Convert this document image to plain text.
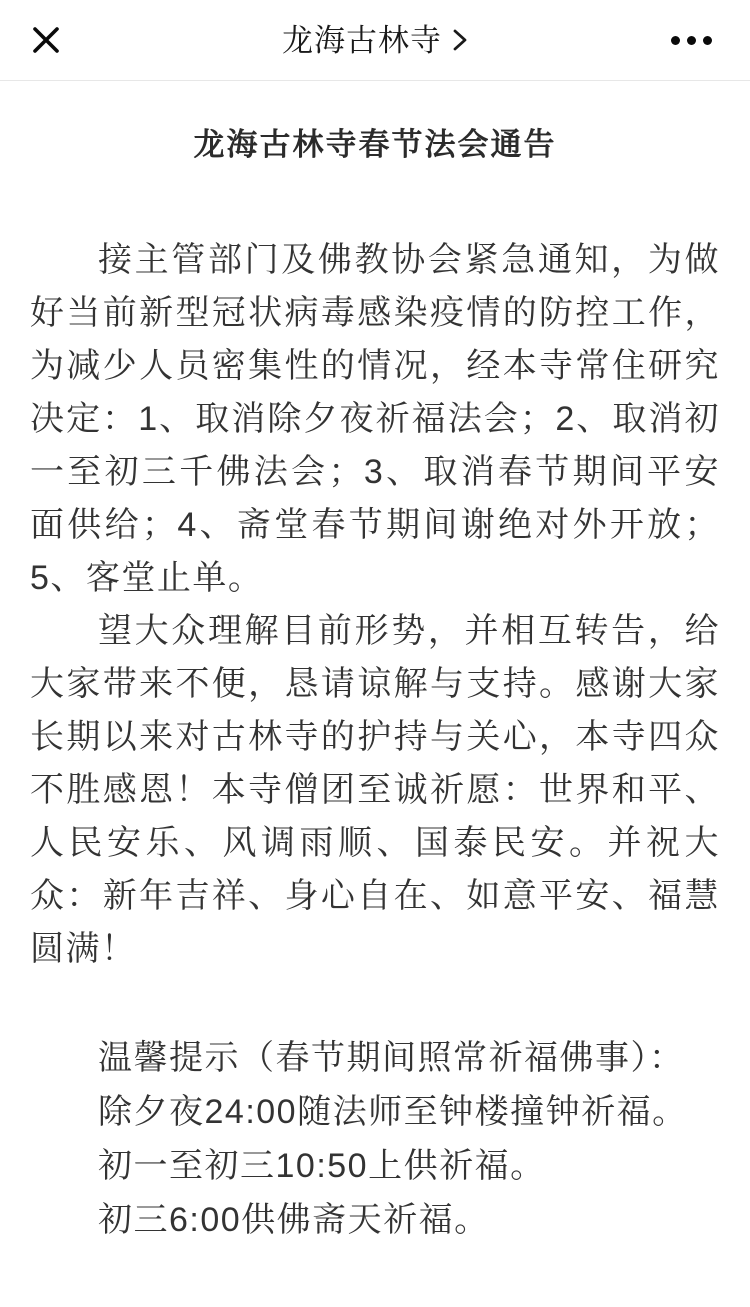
龙海古林寺
龙海古林寺春节法会通告

接主管部门及佛教协会紧急通知，为做好当前新型冠状病毒感染疫情的防控工作，为减少人员密集性的情况，经本寺常住研究决定：1、取消除夕夜祈福法会；2、取消初一至初三千佛法会；3、取消春节期间平安面供给；4、斋堂春节期间谢绝对外开放；5、客堂止单。

望大众理解目前形势，并相互转告，给大家带来不便，恳请谅解与支持。感谢大家长期以来对古林寺的护持与关心，本寺四众不胜感恩！本寺僧团至诚祈愿：世界和平、人民安乐、风调雨顺、国泰民安。并祝大众：新年吉祥、身心自在、如意平安、福慧圆满！

温馨提示（春节期间照常祈福佛事）：
除夕夜24:00随法师至钟楼撞钟祈福。
初一至初三10:50上供祈福。
初三6:00供佛斋天祈福。
